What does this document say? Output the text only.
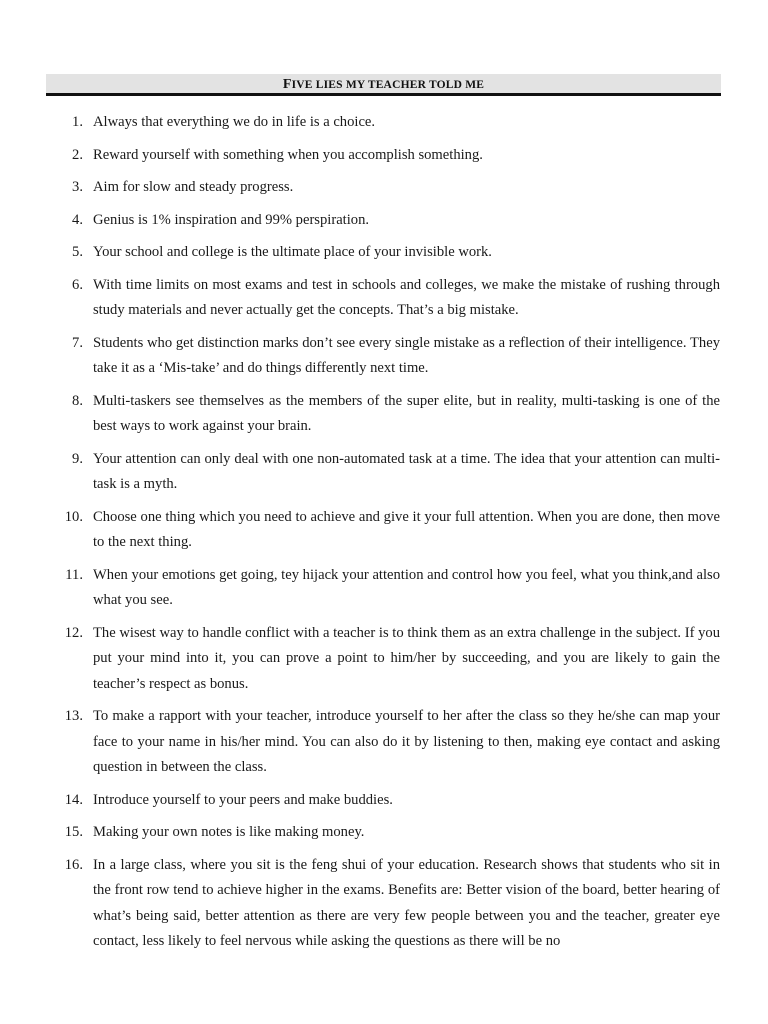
FIVE LIES MY TEACHER TOLD ME
1. Always that everything we do in life is a choice.
2. Reward yourself with something when you accomplish something.
3. Aim for slow and steady progress.
4. Genius is 1% inspiration and 99% perspiration.
5. Your school and college is the ultimate place of your invisible work.
6. With time limits on most exams and test in schools and colleges, we make the mistake of rushing through study materials and never actually get the concepts. That’s a big mistake.
7. Students who get distinction marks don’t see every single mistake as a reflection of their intelligence. They take it as a ‘Mis-take’ and do things differently next time.
8. Multi-taskers see themselves as the members of the super elite, but in reality, multi-tasking is one of the best ways to work against your brain.
9. Your attention can only deal with one non-automated task at a time. The idea that your attention can multi-task is a myth.
10. Choose one thing which you need to achieve and give it your full attention. When you are done, then move to the next thing.
11. When your emotions get going, tey hijack your attention and control how you feel, what you think,and also what you see.
12. The wisest way to handle conflict with a teacher is to think them as an extra challenge in the subject. If you put your mind into it, you can prove a point to him/her by succeeding, and you are likely to gain the teacher’s respect as bonus.
13. To make a rapport with your teacher, introduce yourself to her after the class so they he/she can map your face to your name in his/her mind. You can also do it by listening to then, making eye contact and asking question in between the class.
14. Introduce yourself to your peers and make buddies.
15. Making your own notes is like making money.
16. In a large class, where you sit is the feng shui of your education. Research shows that students who sit in the front row tend to achieve higher in the exams. Benefits are: Better vision of the board, better hearing of what’s being said, better attention as there are very few people between you and the teacher, greater eye contact, less likely to feel nervous while asking the questions as there will be no
